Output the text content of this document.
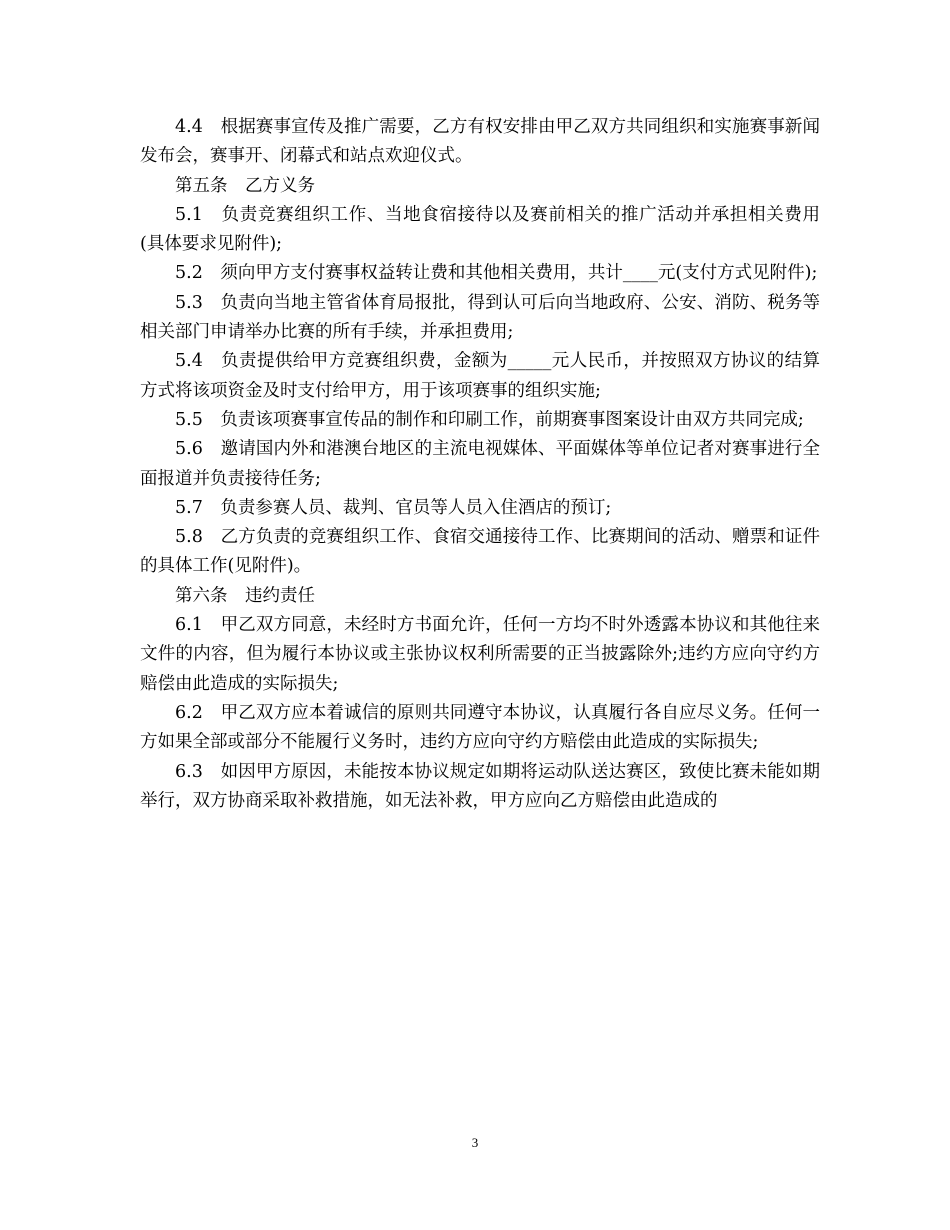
4.4　根据赛事宣传及推广需要，乙方有权安排由甲乙双方共同组织和实施赛事新闻发布会，赛事开、闭幕式和站点欢迎仪式。

第五条　乙方义务

5.1　负责竞赛组织工作、当地食宿接待以及赛前相关的推广活动并承担相关费用(具体要求见附件);

5.2　须向甲方支付赛事权益转让费和其他相关费用，共计____元(支付方式见附件);

5.3　负责向当地主管省体育局报批，得到认可后向当地政府、公安、消防、税务等相关部门申请举办比赛的所有手续，并承担费用;

5.4　负责提供给甲方竞赛组织费，金额为_____元人民币，并按照双方协议的结算方式将该项资金及时支付给甲方，用于该项赛事的组织实施;

5.5　负责该项赛事宣传品的制作和印刷工作，前期赛事图案设计由双方共同完成;

5.6　邀请国内外和港澳台地区的主流电视媒体、平面媒体等单位记者对赛事进行全面报道并负责接待任务;

5.7　负责参赛人员、裁判、官员等人员入住酒店的预订;

5.8　乙方负责的竞赛组织工作、食宿交通接待工作、比赛期间的活动、赠票和证件的具体工作(见附件)。

第六条　违约责任

6.1　甲乙双方同意，未经时方书面允许，任何一方均不时外透露本协议和其他往来文件的内容，但为履行本协议或主张协议权利所需要的正当披露除外;违约方应向守约方赔偿由此造成的实际损失;

6.2　甲乙双方应本着诚信的原则共同遵守本协议，认真履行各自应尽义务。任何一方如果全部或部分不能履行义务时，违约方应向守约方赔偿由此造成的实际损失;

6.3　如因甲方原因，未能按本协议规定如期将运动队送达赛区，致使比赛未能如期举行，双方协商采取补救措施，如无法补救，甲方应向乙方赔偿由此造成的

3
